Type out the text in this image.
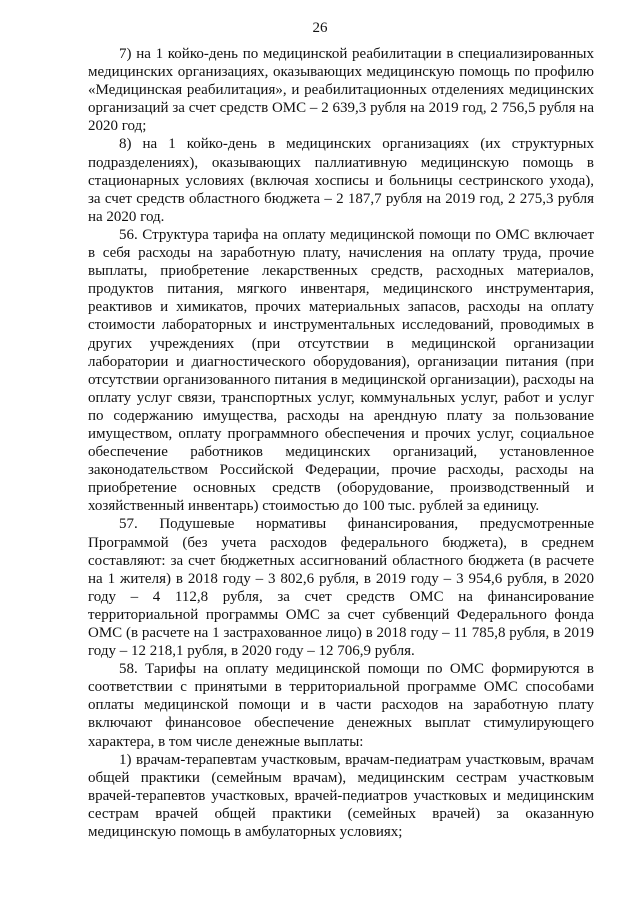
26

7) на 1 койко-день по медицинской реабилитации в специализированных медицинских организациях, оказывающих медицинскую помощь по профилю «Медицинская реабилитация», и реабилитационных отделениях медицинских организаций за счет средств ОМС – 2 639,3 рубля на 2019 год, 2 756,5 рубля на 2020 год;

8) на 1 койко-день в медицинских организациях (их структурных подразделениях), оказывающих паллиативную медицинскую помощь в стационарных условиях (включая хосписы и больницы сестринского ухода), за счет средств областного бюджета – 2 187,7 рубля на 2019 год, 2 275,3 рубля на 2020 год.

56. Структура тарифа на оплату медицинской помощи по ОМС включает в себя расходы на заработную плату, начисления на оплату труда, прочие выплаты, приобретение лекарственных средств, расходных материалов, продуктов питания, мягкого инвентаря, медицинского инструментария, реактивов и химикатов, прочих материальных запасов, расходы на оплату стоимости лабораторных и инструментальных исследований, проводимых в других учреждениях (при отсутствии в медицинской организации лаборатории и диагностического оборудования), организации питания (при отсутствии организованного питания в медицинской организации), расходы на оплату услуг связи, транспортных услуг, коммунальных услуг, работ и услуг по содержанию имущества, расходы на арендную плату за пользование имуществом, оплату программного обеспечения и прочих услуг, социальное обеспечение работников медицинских организаций, установленное законодательством Российской Федерации, прочие расходы, расходы на приобретение основных средств (оборудование, производственный и хозяйственный инвентарь) стоимостью до 100 тыс. рублей за единицу.

57. Подушевые нормативы финансирования, предусмотренные Программой (без учета расходов федерального бюджета), в среднем составляют: за счет бюджетных ассигнований областного бюджета (в расчете на 1 жителя) в 2018 году – 3 802,6 рубля, в 2019 году – 3 954,6 рубля, в 2020 году – 4 112,8 рубля, за счет средств ОМС на финансирование территориальной программы ОМС за счет субвенций Федерального фонда ОМС (в расчете на 1 застрахованное лицо) в 2018 году – 11 785,8 рубля, в 2019 году – 12 218,1 рубля, в 2020 году – 12 706,9 рубля.

58. Тарифы на оплату медицинской помощи по ОМС формируются в соответствии с принятыми в территориальной программе ОМС способами оплаты медицинской помощи и в части расходов на заработную плату включают финансовое обеспечение денежных выплат стимулирующего характера, в том числе денежные выплаты:

1) врачам-терапевтам участковым, врачам-педиатрам участковым, врачам общей практики (семейным врачам), медицинским сестрам участковым врачей-терапевтов участковых, врачей-педиатров участковых и медицинским сестрам врачей общей практики (семейных врачей) за оказанную медицинскую помощь в амбулаторных условиях;
